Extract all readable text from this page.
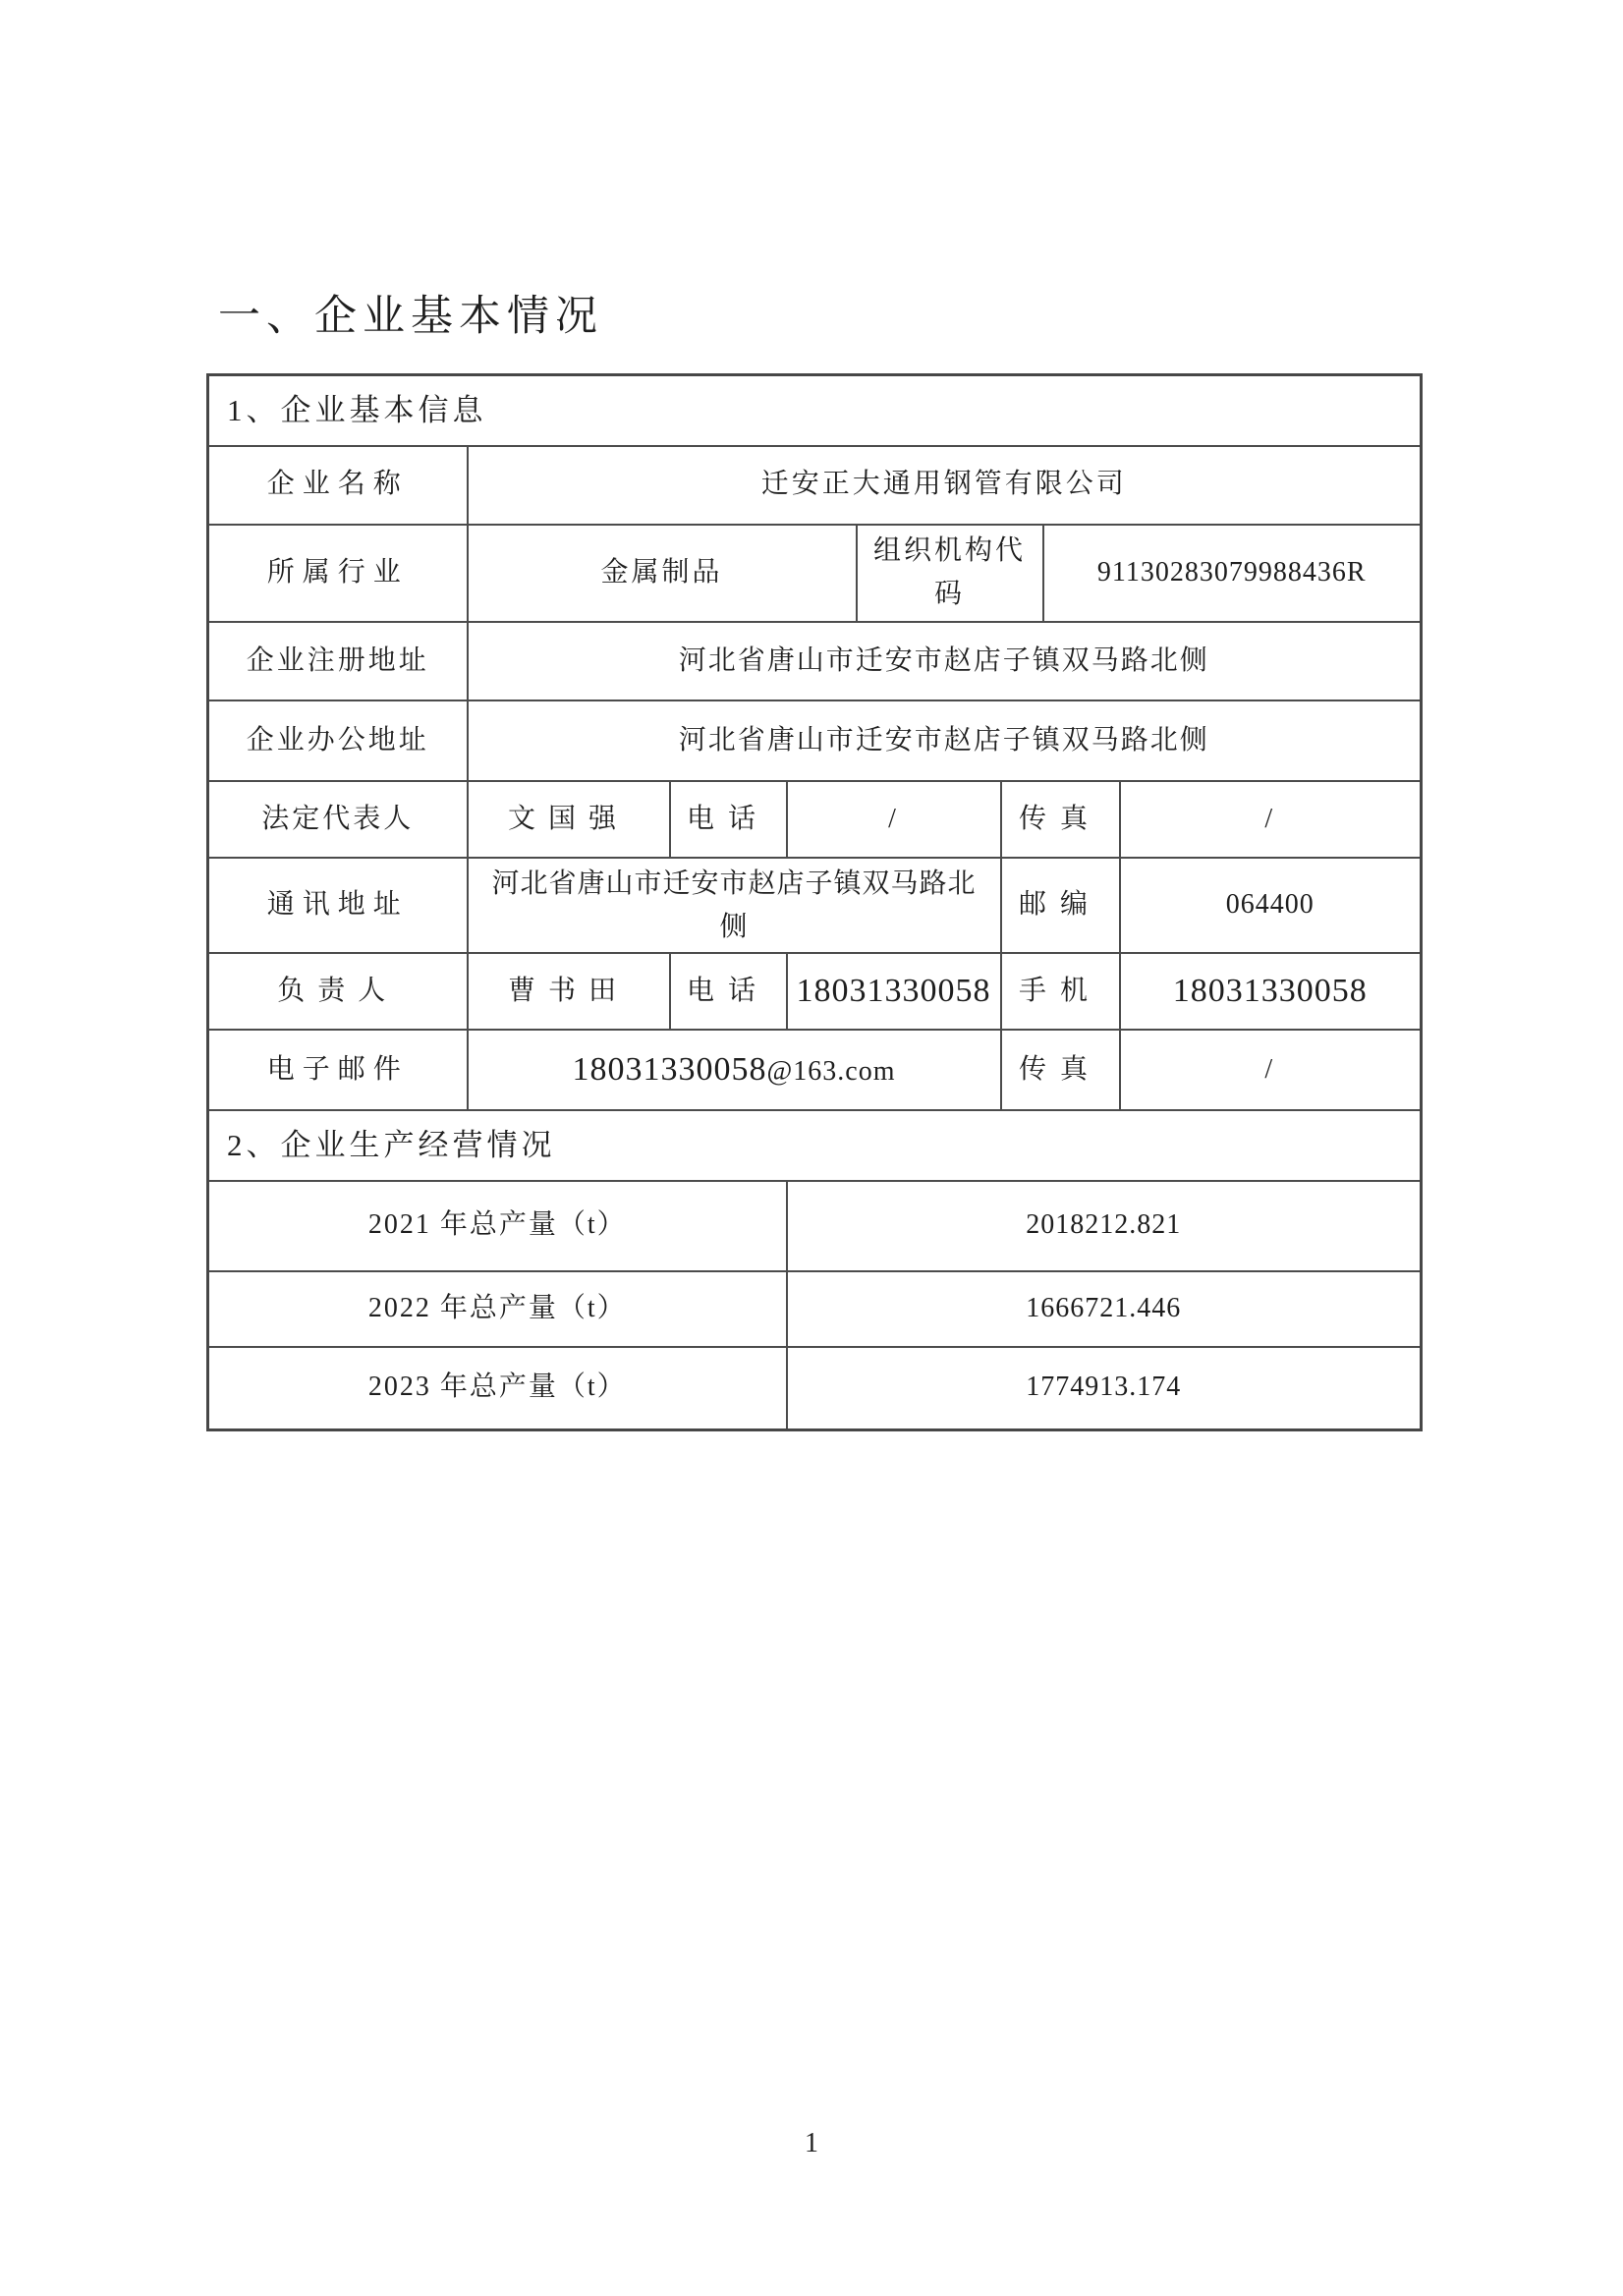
一、企业基本情况
1、企业基本信息							
企业名称	迁安正大通用钢管有限公司						
所属行业	金属制品			组织机构代码		91130283079988436R	
企业注册地址	河北省唐山市迁安市赵店子镇双马路北侧						
企业办公地址	河北省唐山市迁安市赵店子镇双马路北侧						
法定代表人	文国强	电话	/		传真		/
通讯地址	河北省唐山市迁安市赵店子镇双马路北侧				邮编		064400
负责人	曹书田	电话	18031330058		手机		18031330058
电子邮件	18031330058@163.com				传真		/
2、企业生产经营情况							
2021 年总产量（t）			2018212.821				
2022 年总产量（t）			1666721.446				
2023 年总产量（t）			1774913.174				
1
